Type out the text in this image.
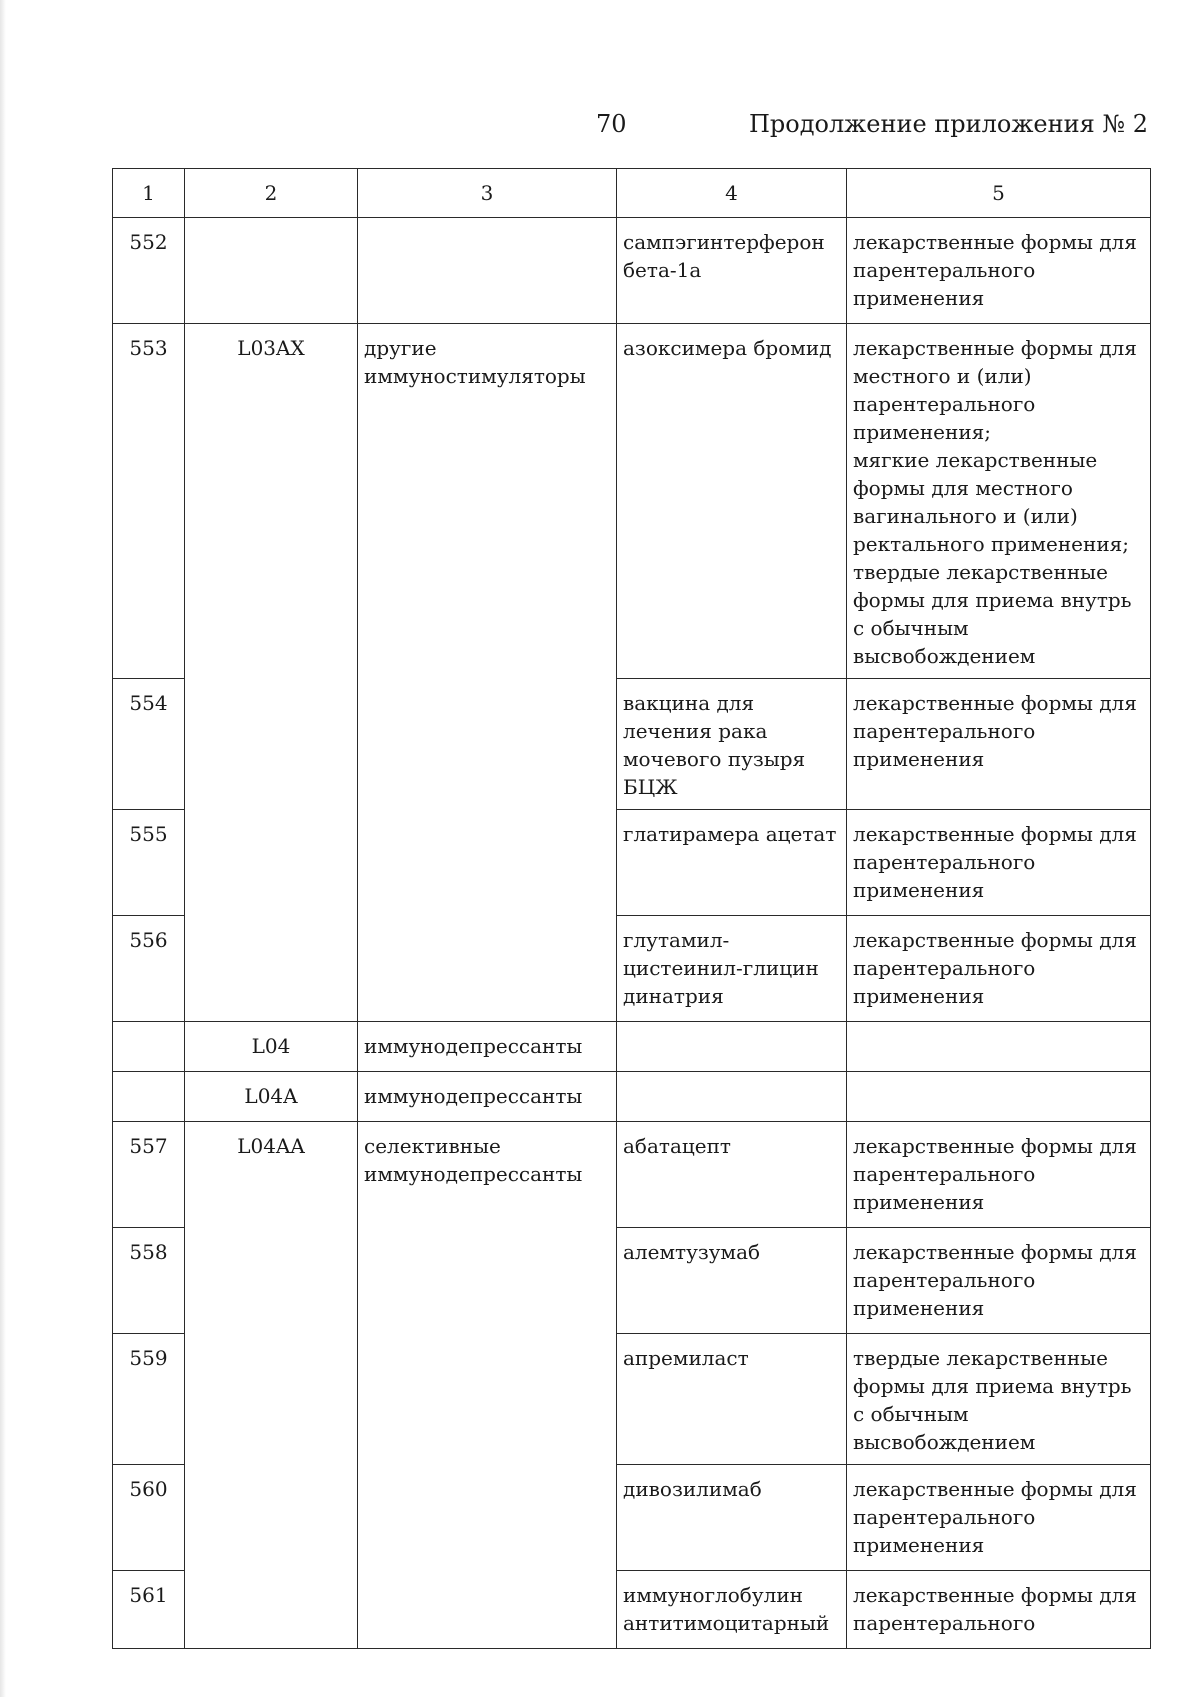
70	Продолжение приложения № 2
1	2	3	4	5
552			сампэгинтерферон бета-1а	лекарственные формы для парентерального применения
553	L03AX	другие иммуностимуляторы	азоксимера бромид	лекарственные формы для местного и (или) парентерального применения;
мягкие лекарственные формы для местного вагинального и (или) ректального применения;
твердые лекарственные формы для приема внутрь с обычным высвобождением

554			вакцина для лечения рака мочевого пузыря БЦЖ	лекарственные формы для парентерального применения
555			глатирамера ацетат	лекарственные формы для парентерального применения
556			глутамил-цистеинил-глицин динатрия	лекарственные формы для парентерального применения
	L04	иммунодепрессанты		
	L04A	иммунодепрессанты		
557	L04AA	селективные иммунодепрессанты	абатацепт	лекарственные формы для парентерального применения
558			алемтузумаб	лекарственные формы для парентерального применения
559			апремиласт	твердые лекарственные формы для приема внутрь с обычным высвобождением
560			дивозилимаб	лекарственные формы для парентерального применения
561			иммуноглобулин антитимоцитарный	лекарственные формы для парентерального
